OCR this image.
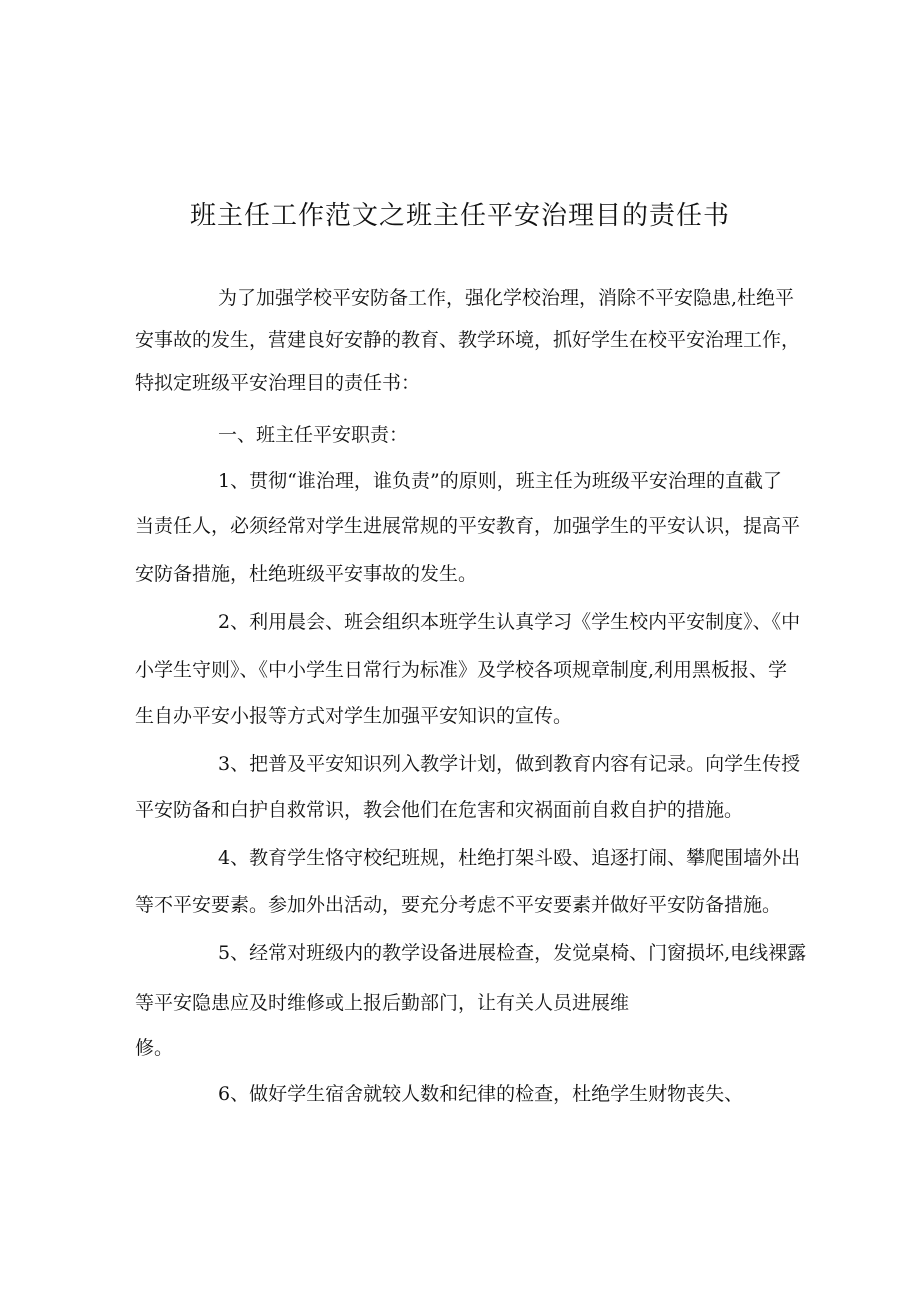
班主任工作范文之班主任平安治理目的责任书
为了加强学校平安防备工作，强化学校治理，消除不平安隐患,杜绝平
安事故的发生，营建良好安静的教育、教学环境，抓好学生在校平安治理工作，
特拟定班级平安治理目的责任书：
一、班主任平安职责：
1、贯彻“谁治理，谁负责”的原则，班主任为班级平安治理的直截了
当责任人，必须经常对学生进展常规的平安教育，加强学生的平安认识，提高平
安防备措施，杜绝班级平安事故的发生。
2、利用晨会、班会组织本班学生认真学习《学生校内平安制度》、《中
小学生守则》、《中小学生日常行为标准》及学校各项规章制度,利用黑板报、学
生自办平安小报等方式对学生加强平安知识的宣传。
3、把普及平安知识列入教学计划，做到教育内容有记录。向学生传授
平安防备和白护自救常识，教会他们在危害和灾祸面前自救自护的措施。
4、教育学生恪守校纪班规，杜绝打架斗殴、追逐打闹、攀爬围墙外出
等不平安要素。参加外出活动，要充分考虑不平安要素并做好平安防备措施。
5、经常对班级内的教学设备进展检查，发觉桌椅、门窗损坏,电线裸露
等平安隐患应及时维修或上报后勤部门，让有关人员进展维
修。
6、做好学生宿舍就较人数和纪律的检查，杜绝学生财物丧失、
